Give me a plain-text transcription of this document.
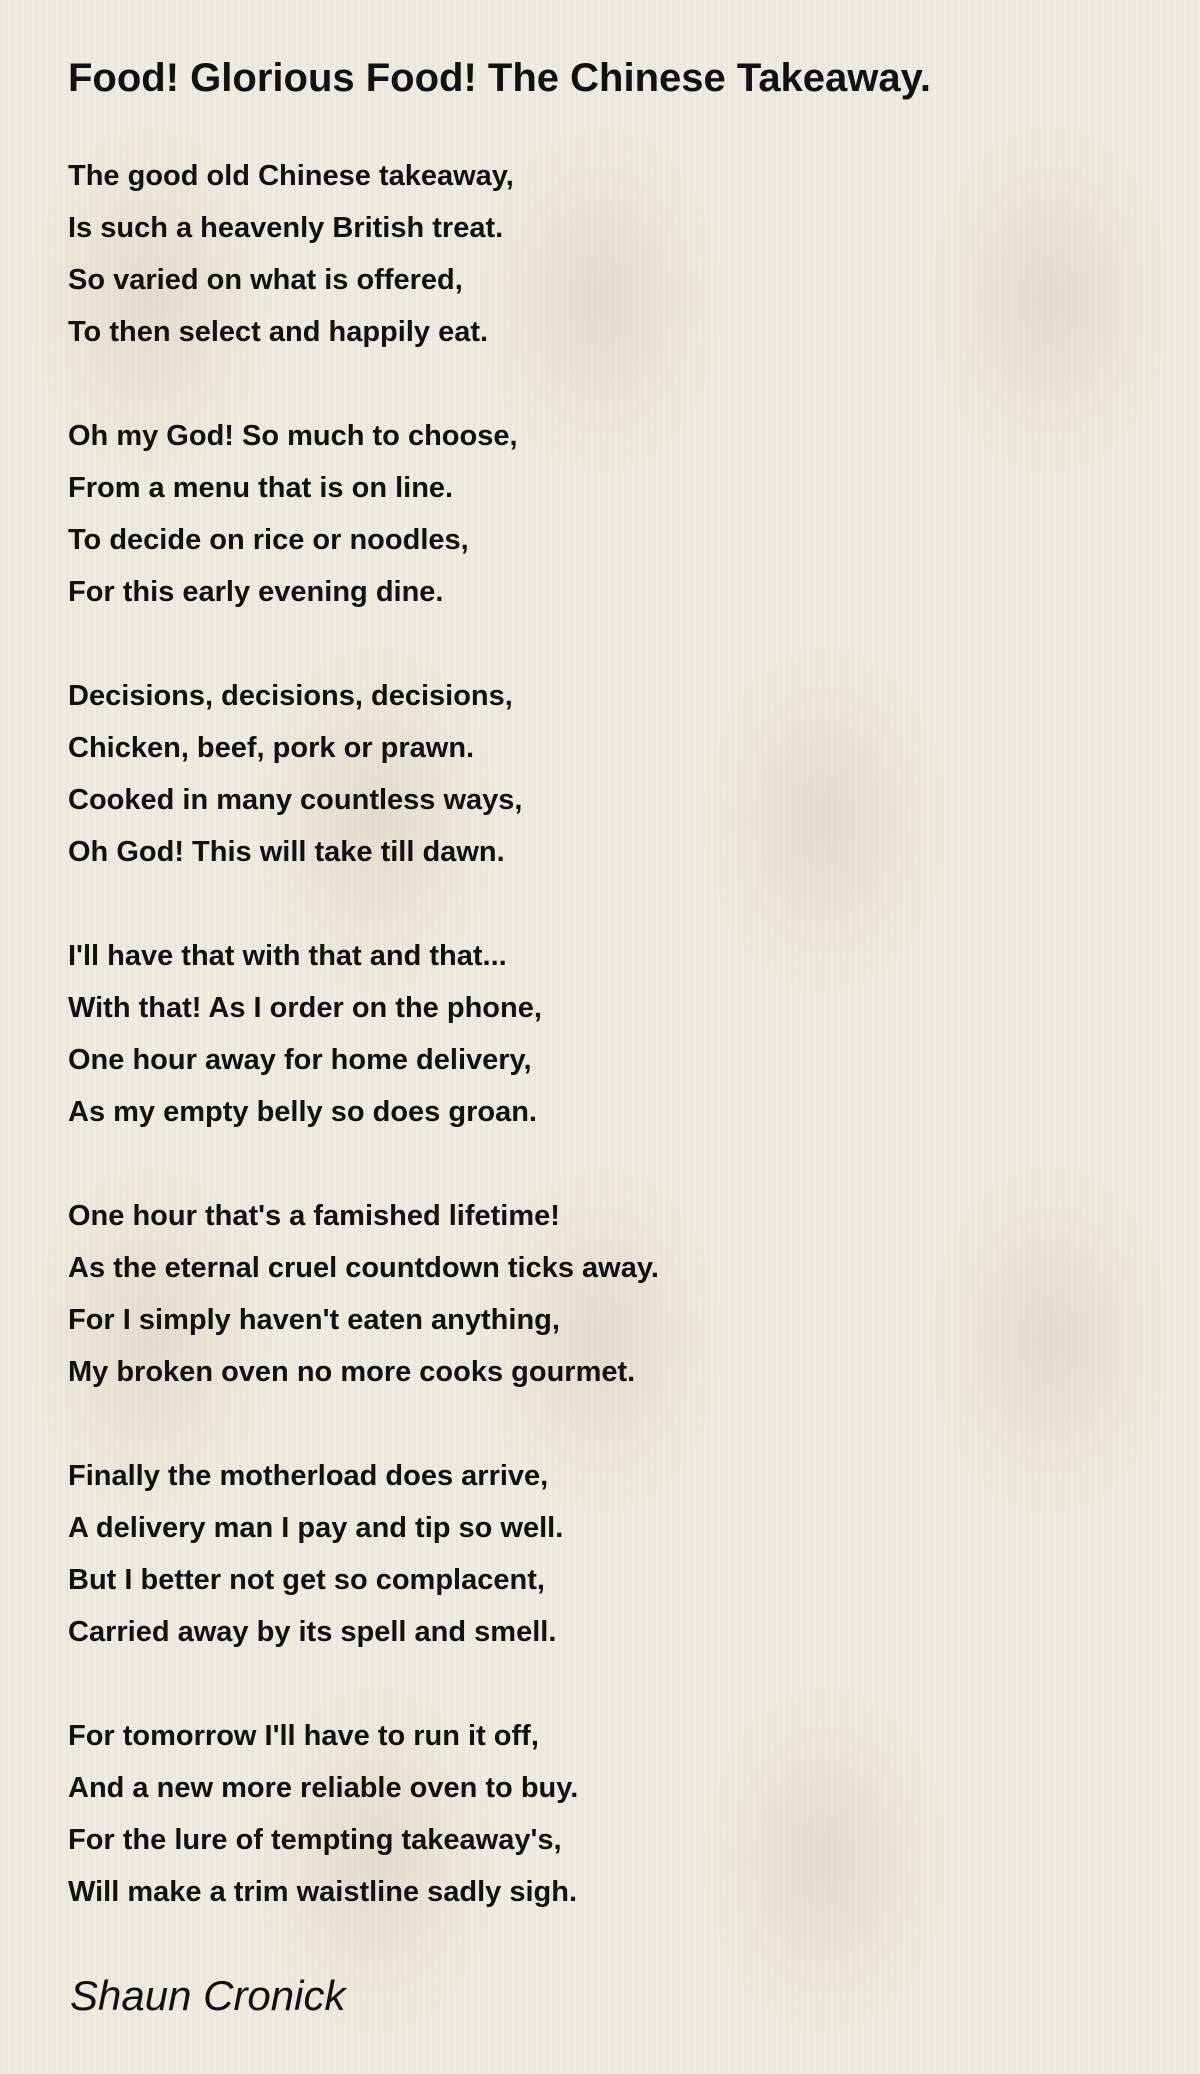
Food! Glorious Food! The Chinese Takeaway.
The good old Chinese takeaway,
Is such a heavenly British treat.
So varied on what is offered,
To then select and happily eat.
Oh my God! So much to choose,
From a menu that is on line.
To decide on rice or noodles,
For this early evening dine.
Decisions, decisions, decisions,
Chicken, beef, pork or prawn.
Cooked in many countless ways,
Oh God! This will take till dawn.
I'll have that with that and that...
With that! As I order on the phone,
One hour away for home delivery,
As my empty belly so does groan.
One hour that's a famished lifetime!
As the eternal cruel countdown ticks away.
For I simply haven't eaten anything,
My broken oven no more cooks gourmet.
Finally the motherload does arrive,
A delivery man I pay and tip so well.
But I better not get so complacent,
Carried away by its spell and smell.
For tomorrow I'll have to run it off,
And a new more reliable oven to buy.
For the lure of tempting takeaway's,
Will make a trim waistline sadly sigh.
Shaun Cronick
